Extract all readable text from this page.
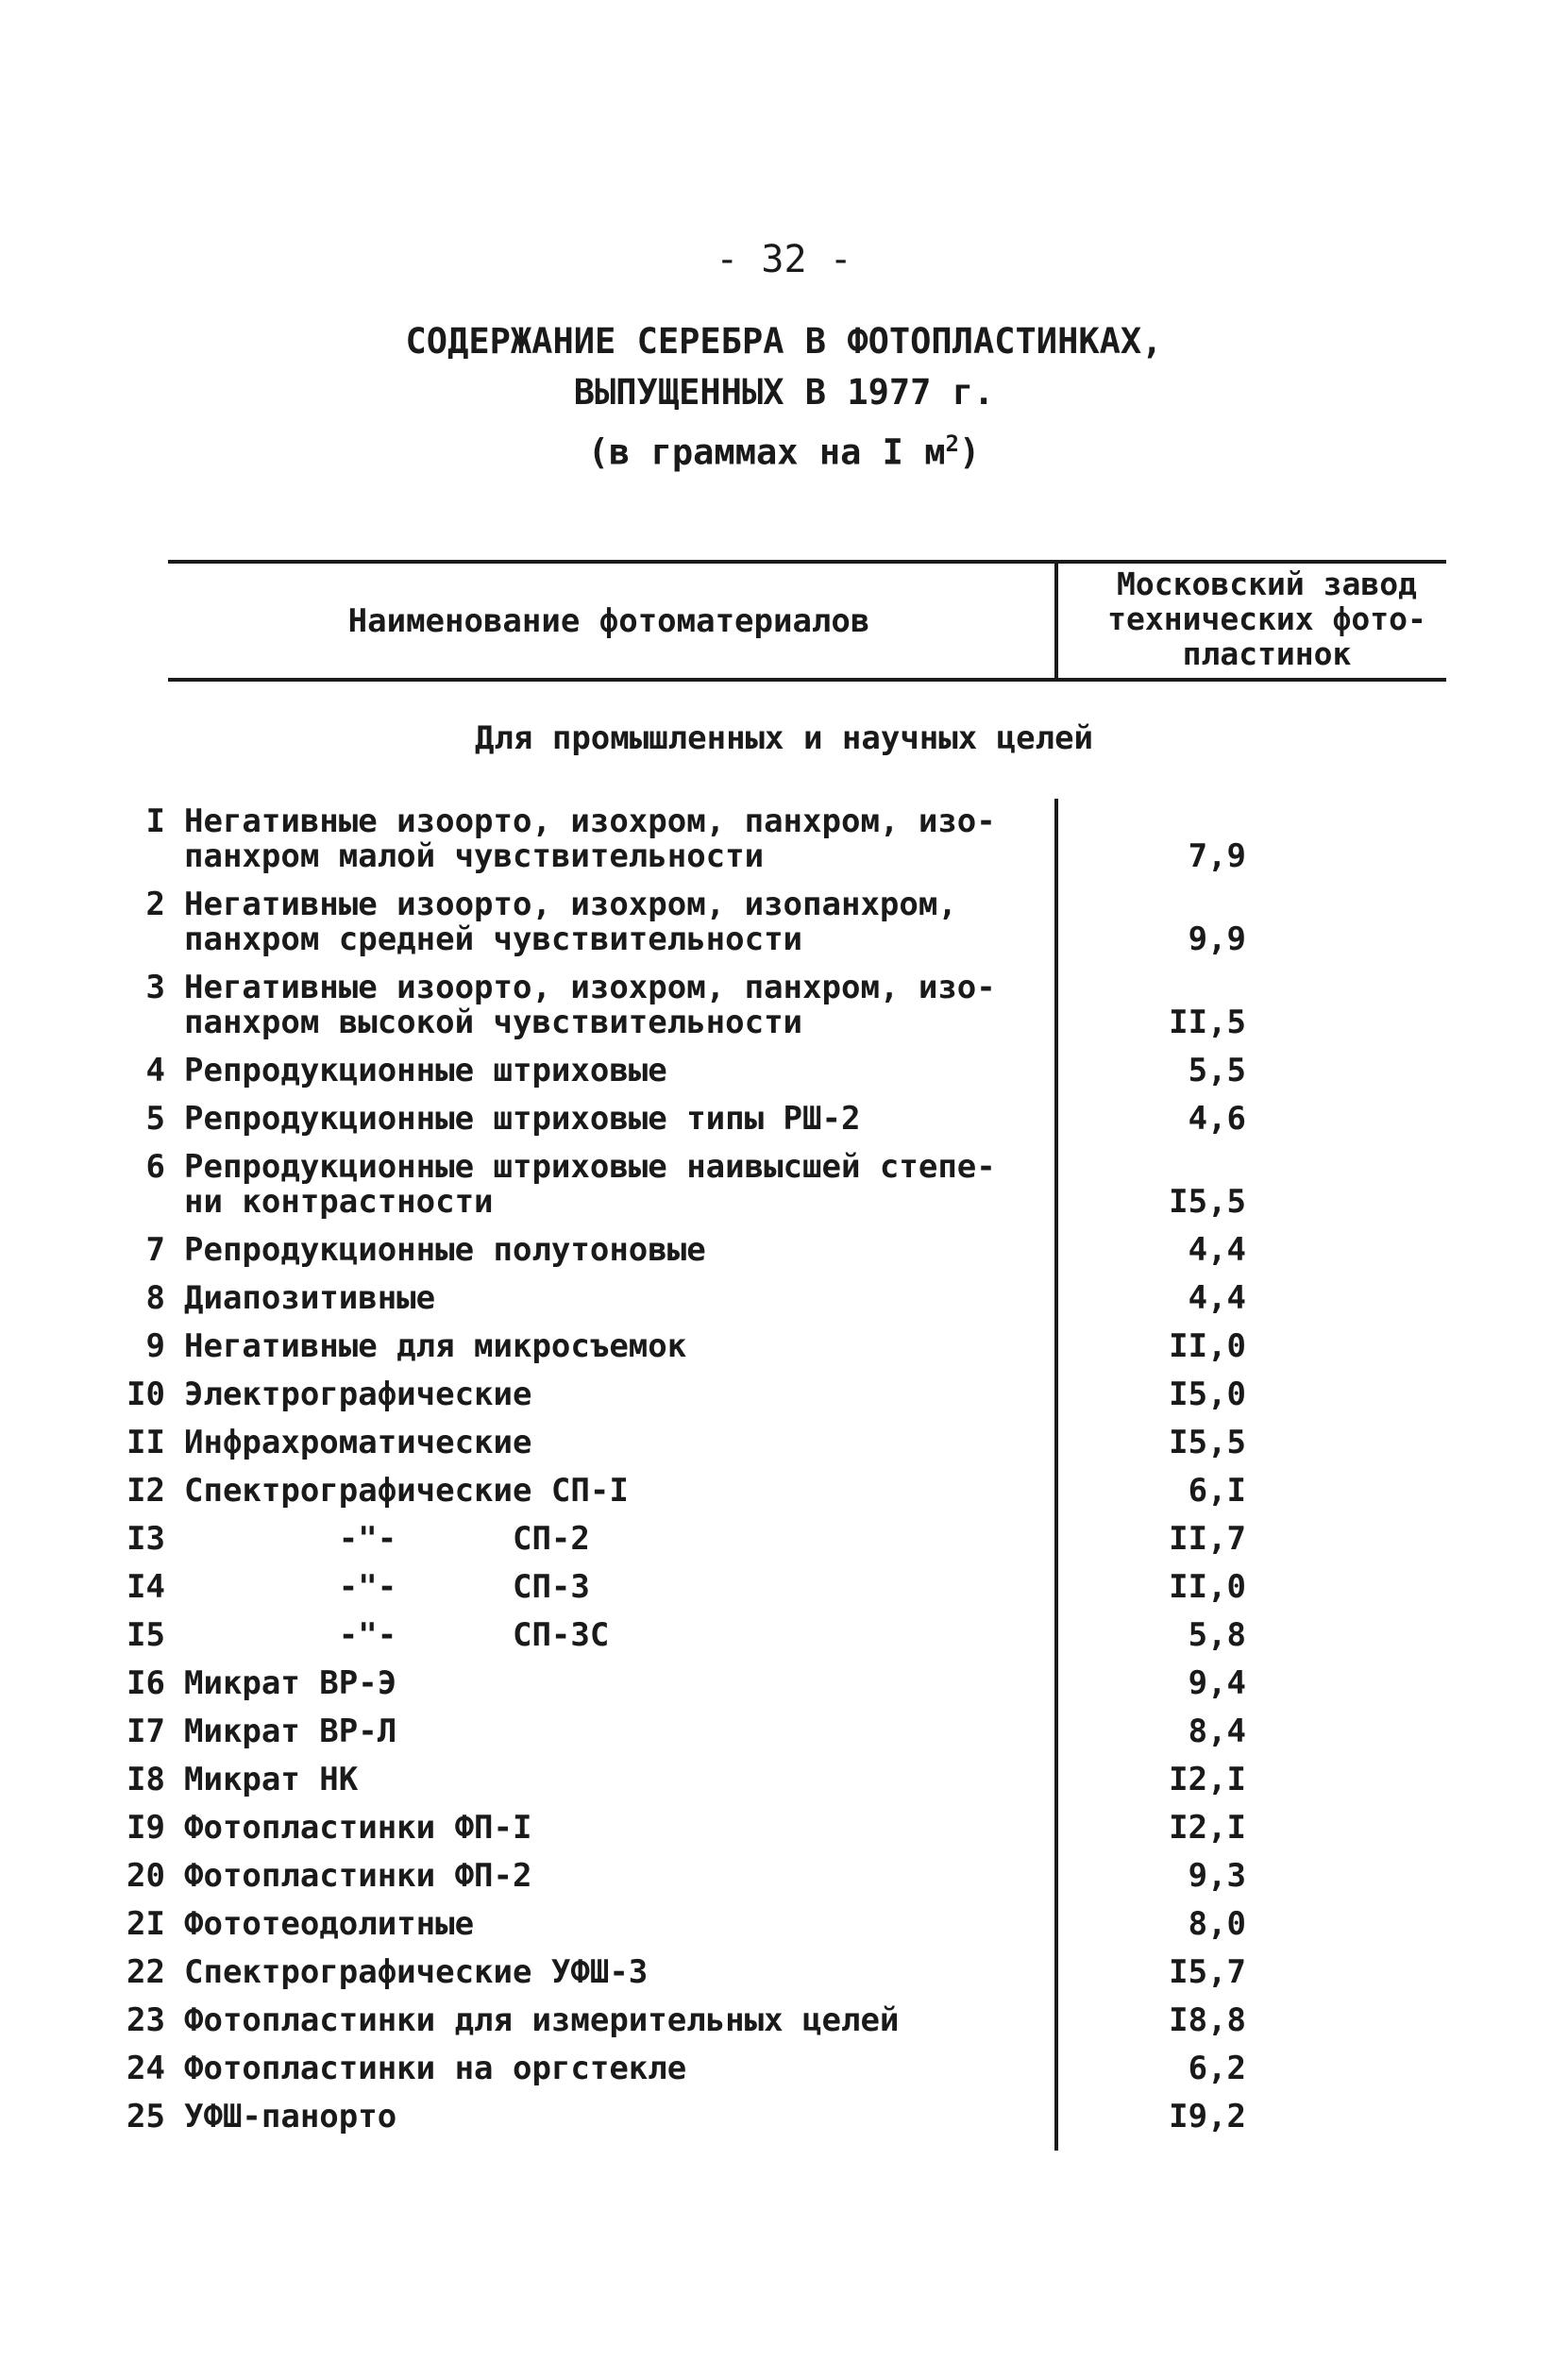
- 32 -
СОДЕРЖАНИЕ СЕРЕБРА В ФОТОПЛАСТИНКАХ,
ВЫПУЩЕННЫХ В 1977 г.
(в граммах на I $м^2$)
Наименование фотоматериалов
Московский завод
технических фото-
пластинок
Для промышленных и научных целей
I Негативные изоорто, изохром, панхром, изо-
панхром малой чувствительности	7,9
2 Негативные изоорто, изохром, изопанхром,
панхром средней чувствительности	9,9
3 Негативные изоорто, изохром, панхром, изо-
панхром высокой чувствительности	II,5
4 Репродукционные штриховые	5,5
5 Репродукционные штриховые типы РШ-2	4,6
6 Репродукционные штриховые наивысшей степе-
ни контрастности	I5,5
7 Репродукционные полутоновые	4,4
8 Диапозитивные	4,4
9 Негативные для микросъемок	II,0
I0 Электрографические	I5,0
II Инфрахроматические	I5,5
I2 Спектрографические СП-I	6,I
I3 -"-      СП-2	II,7
I4 -"-      СП-3	II,0
I5 -"-      СП-3С	5,8
I6 Микрат ВР-Э	9,4
I7 Микрат ВР-Л	8,4
I8 Микрат НК	I2,I
I9 Фотопластинки ФП-I	I2,I
20 Фотопластинки ФП-2	9,3
2I Фототеодолитные	8,0
22 Спектрографические УФШ-3	I5,7
23 Фотопластинки для измерительных целей	I8,8
24 Фотопластинки на оргстекле	6,2
25 УФШ-панорто	I9,2
